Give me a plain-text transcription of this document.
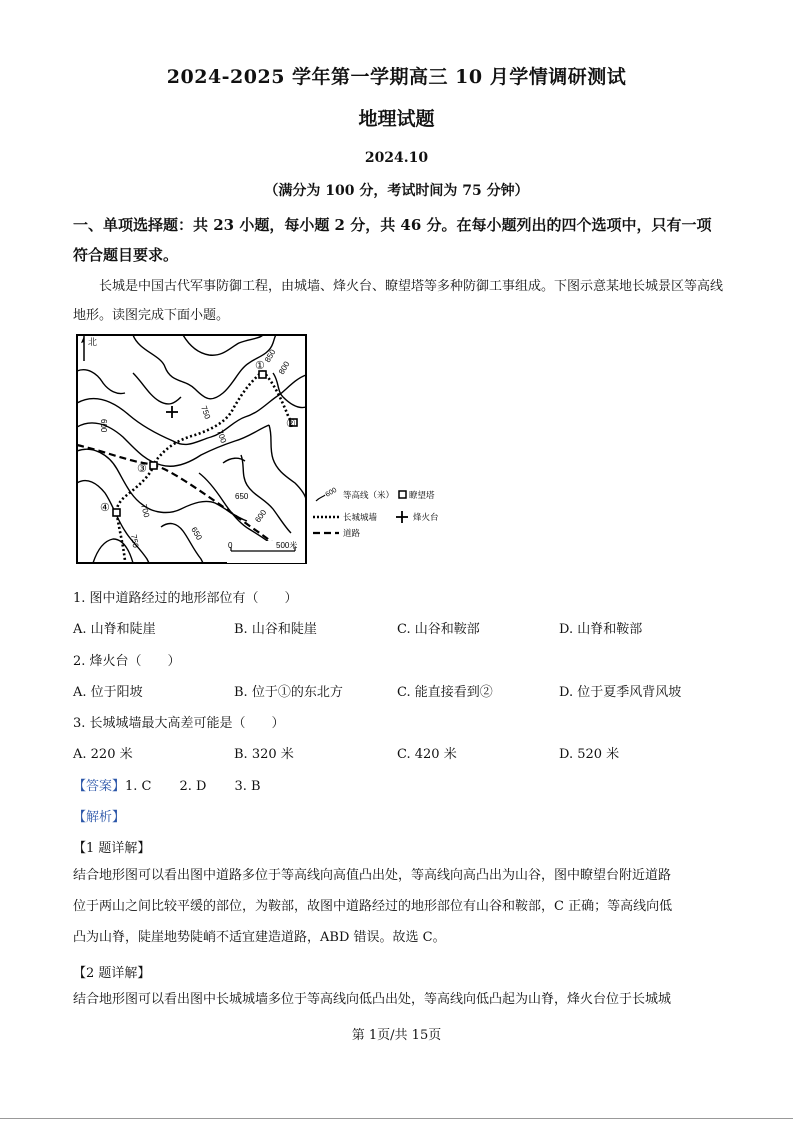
2024-2025 学年第一学期高三 10 月学情调研测试
地理试题
2024.10
（满分为 100 分，考试时间为 75 分钟）
一、单项选择题：共 23 小题，每小题 2 分，共 46 分。在每小题列出的四个选项中，只有一项符合题目要求。
长城是中国古代军事防御工程，由城墙、烽火台、瞭望塔等多种防御工事组成。下图示意某地长城景区等高线地形。读图完成下面小题。
北
850
800
750
700
600
650
600
650
700
750
①
②
③
④
0	500米
600 等高线（米） 瞭望塔
长城城墙	烽火台
道路
1. 图中道路经过的地形部位有（　　）
A. 山脊和陡崖	B. 山谷和陡崖	C. 山谷和鞍部	D. 山脊和鞍部
2. 烽火台（　　）
A. 位于阳坡	B. 位于①的东北方	C. 能直接看到②	D. 位于夏季风背风坡
3. 长城城墙最大高差可能是（　　）
A. 220 米	B. 320 米	C. 420 米	D. 520 米
【答案】1. C 2. D 3. B
【解析】
【1 题详解】
结合地形图可以看出图中道路多位于等高线向高值凸出处，等高线向高凸出为山谷，图中瞭望台附近道路
位于两山之间比较平缓的部位，为鞍部，故图中道路经过的地形部位有山谷和鞍部，C 正确；等高线向低
凸为山脊，陡崖地势陡峭不适宜建造道路，ABD 错误。故选 C。
【2 题详解】
结合地形图可以看出图中长城城墙多位于等高线向低凸出处，等高线向低凸起为山脊，烽火台位于长城城
第 1页/共 15页
